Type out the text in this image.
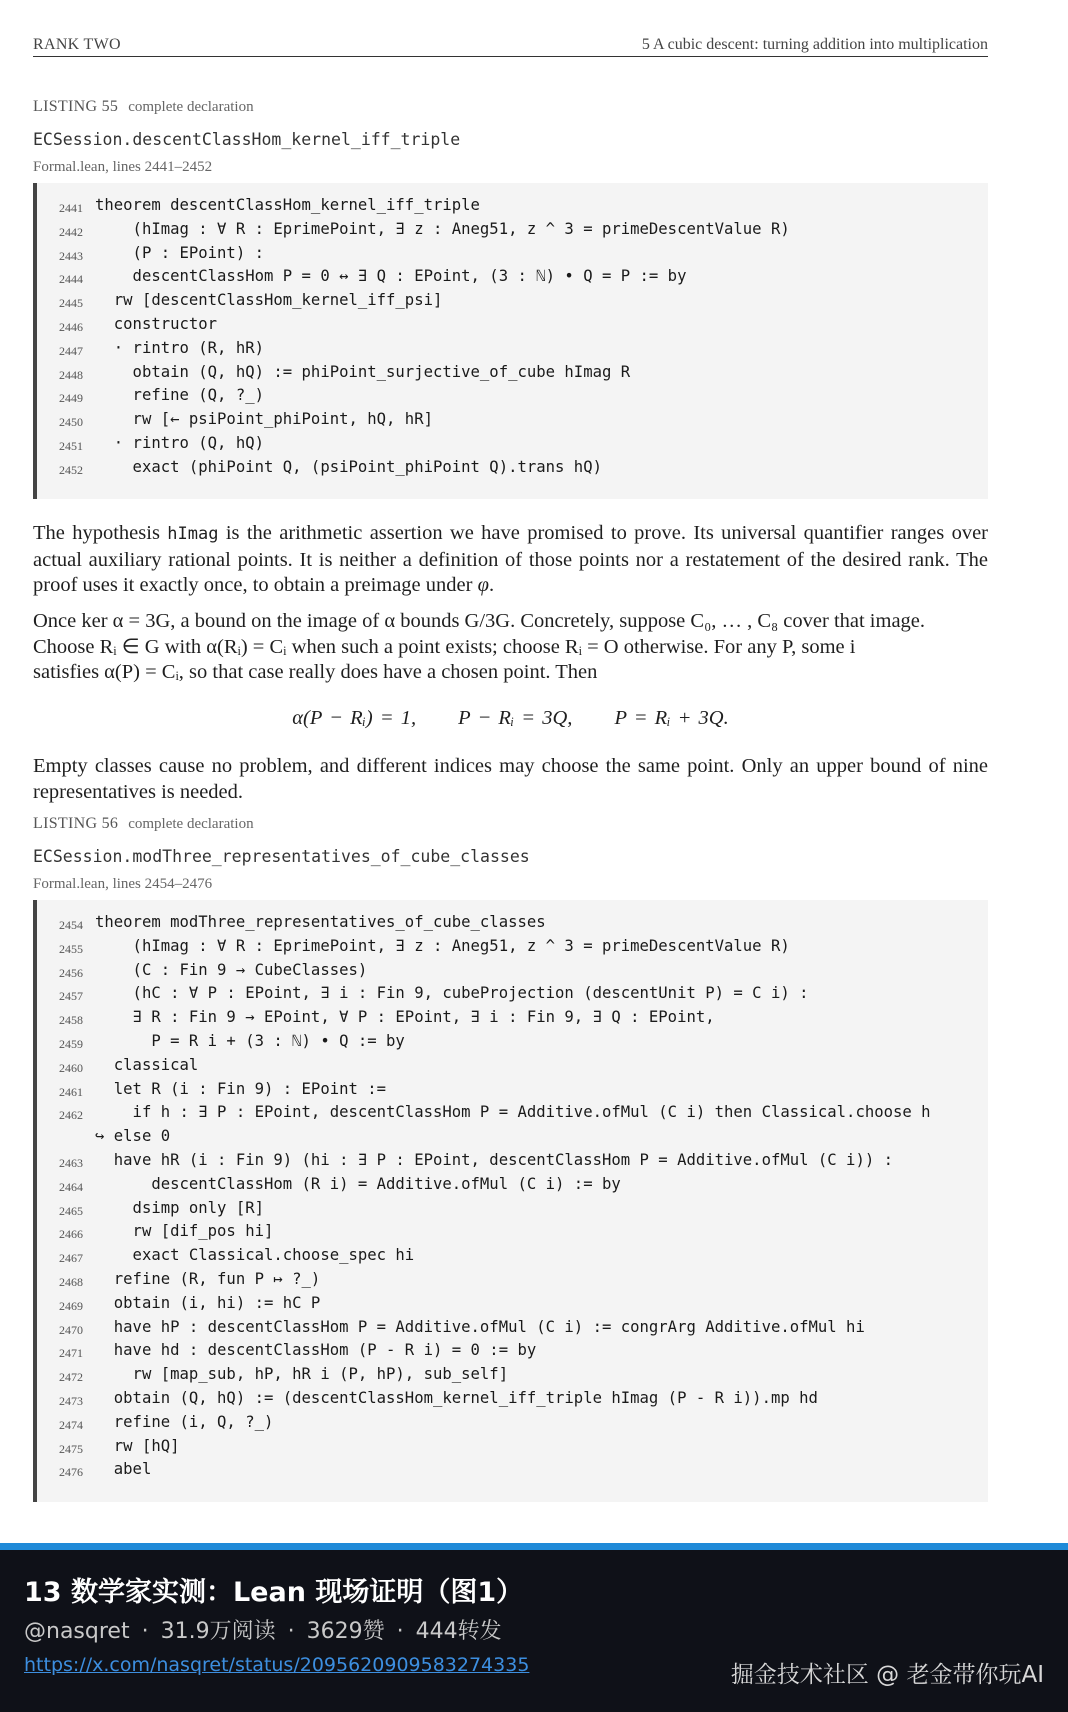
RANK TWO	5 A cubic descent: turning addition into multiplication
LISTING 55 complete declaration
ECSession.descentClassHom_kernel_iff_triple
Formal.lean, lines 2441–2452
2441 theorem descentClassHom_kernel_iff_triple
2442 (hImag : ∀ R : EprimePoint, ∃ z : Aneg51, z ^ 3 = primeDescentValue R)
2443 (P : EPoint) :
2444 descentClassHom P = 0 ↔ ∃ Q : EPoint, (3 : ℕ) • Q = P := by
2445 rw [descentClassHom_kernel_iff_psi]
2446 constructor
2447 · rintro (R, hR)
2448 obtain (Q, hQ) := phiPoint_surjective_of_cube hImag R
2449 refine (Q, ?_)
2450 rw [← psiPoint_phiPoint, hQ, hR]
2451 · rintro (Q, hQ)
2452 exact (phiPoint Q, (psiPoint_phiPoint Q).trans hQ)
The hypothesis hImag is the arithmetic assertion we have promised to prove. Its universal quantifier ranges over actual auxiliary rational points. It is neither a definition of those points nor a restatement of the desired rank. The proof uses it exactly once, to obtain a preimage under φ.
Once ker α = 3G, a bound on the image of α bounds G/3G. Concretely, suppose C₀, … , C₈ cover that image.
Choose Rᵢ ∈ G with α(Rᵢ) = Cᵢ when such a point exists; choose Rᵢ = O otherwise. For any P, some i
satisfies α(P) = Cᵢ, so that case really does have a chosen point. Then
α(P − Rᵢ) = 1, P − Rᵢ = 3Q, P = Rᵢ + 3Q.
Empty classes cause no problem, and different indices may choose the same point. Only an upper bound of nine representatives is needed.
LISTING 56 complete declaration
ECSession.modThree_representatives_of_cube_classes
Formal.lean, lines 2454–2476
2454 theorem modThree_representatives_of_cube_classes
2455 (hImag : ∀ R : EprimePoint, ∃ z : Aneg51, z ^ 3 = primeDescentValue R)
2456 (C : Fin 9 → CubeClasses)
2457 (hC : ∀ P : EPoint, ∃ i : Fin 9, cubeProjection (descentUnit P) = C i) :
2458 ∃ R : Fin 9 → EPoint, ∀ P : EPoint, ∃ i : Fin 9, ∃ Q : EPoint,
2459 P = R i + (3 : ℕ) • Q := by
2460 classical
2461 let R (i : Fin 9) : EPoint :=
2462 if h : ∃ P : EPoint, descentClassHom P = Additive.ofMul (C i) then Classical.choose h
↪ else 0
2463 have hR (i : Fin 9) (hi : ∃ P : EPoint, descentClassHom P = Additive.ofMul (C i)) :
2464 descentClassHom (R i) = Additive.ofMul (C i) := by
2465 dsimp only [R]
2466 rw [dif_pos hi]
2467 exact Classical.choose_spec hi
2468 refine (R, fun P ↦ ?_)
2469 obtain (i, hi) := hC P
2470 have hP : descentClassHom P = Additive.ofMul (C i) := congrArg Additive.ofMul hi
2471 have hd : descentClassHom (P - R i) = 0 := by
2472 rw [map_sub, hP, hR i (P, hP), sub_self]
2473 obtain (Q, hQ) := (descentClassHom_kernel_iff_triple hImag (P - R i)).mp hd
2474 refine (i, Q, ?_)
2475 rw [hQ]
2476 abel
13 数学家实测：Lean 现场证明（图1）
@nasqret · 31.9万阅读 · 3629赞 · 444转发
https://x.com/nasqret/status/2095620909583274335	掘金技术社区 @ 老金带你玩AI
